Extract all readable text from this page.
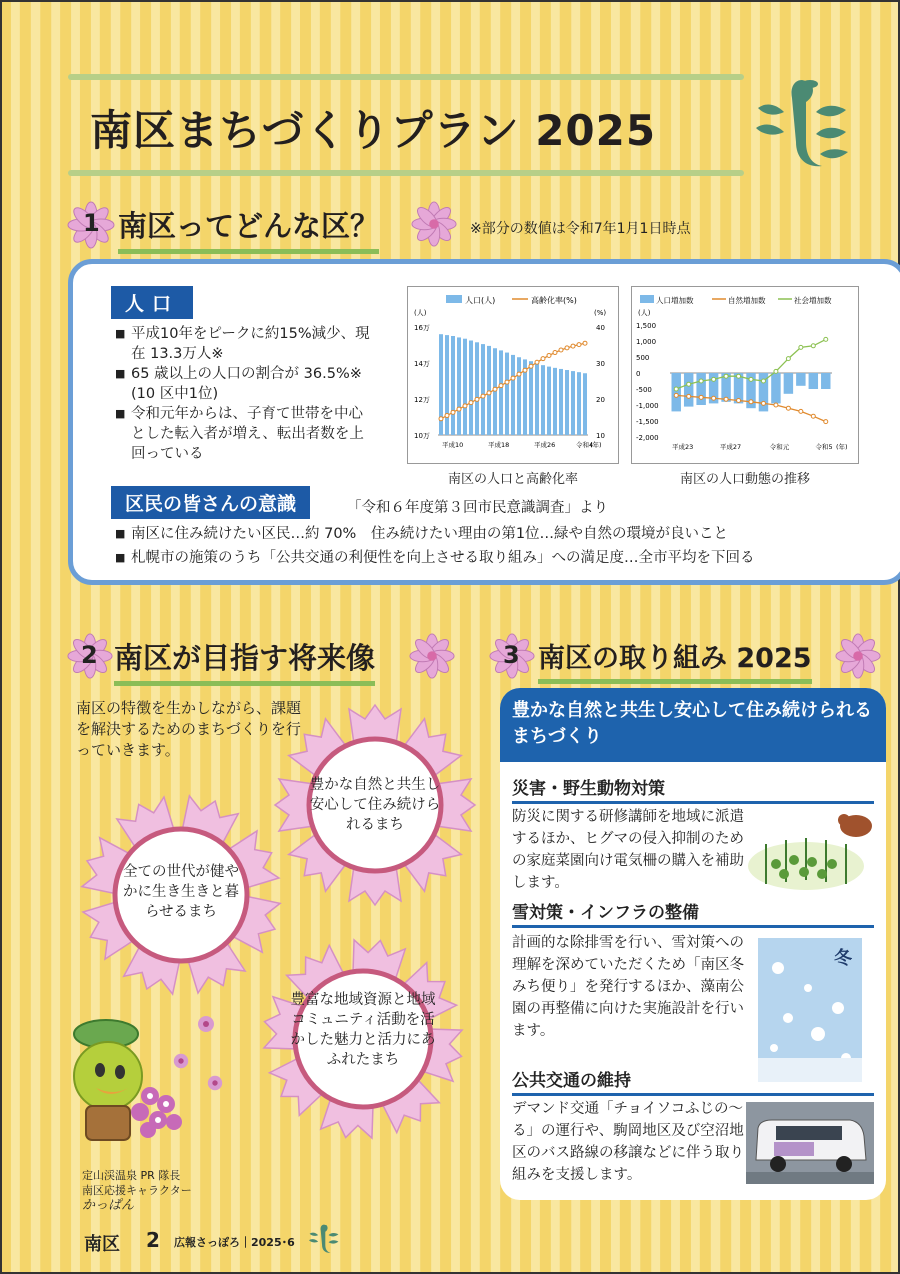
南区まちづくりプラン 2025
1 南区ってどんな区？	※部分の数値は令和7年1月1日時点
人口
■ 平成10年をピークに約15%減少、現在 13.3万人※
■ 65 歳以上の人口の割合が 36.5%※ (10 区中1位)
■ 令和元年からは、子育て世帯を中心とした転入者が増え、転出者数を上回っている
人口(人)	高齢化率(%)
(人)	(%)
16万
14万
12万
10万
40
30
20
10
平成10	平成18	平成26	令和4
(年)
南区の人口と高齢化率
人口増加数	自然増加数	社会増加数
(人)
1,500
1,000
500
0
-500
-1,000
-1,500
-2,000
平成23	平成27	令和元	令和5 (年)
南区の人口動態の推移
区民の皆さんの意識	「令和６年度第３回市民意識調査」より
■ 南区に住み続けたい区民…約 70%　住み続けたい理由の第1位…緑や自然の環境が良いこと
■ 札幌市の施策のうち「公共交通の利便性を向上させる取り組み」への満足度…全市平均を下回る
2 南区が目指す将来像
南区の特徴を生かしながら、課題を解決するためのまちづくりを行っていきます。
豊かな自然と共生し安心して住み続けられるまち
全ての世代が健やかに生き生きと暮らせるまち
豊富な地域資源と地域コミュニティ活動を活かした魅力と活力にあふれたまち
定山渓温泉 PR 隊長
南区応援キャラクター
かっぱん
3 南区の取り組み 2025
豊かな自然と共生し安心して住み続けられるまちづくり
災害・野生動物対策
防災に関する研修講師を地域に派遣するほか、ヒグマの侵入抑制のための家庭菜園向け電気柵の購入を補助します。
雪対策・インフラの整備
計画的な除排雪を行い、雪対策への理解を深めていただくため「南区冬みち便り」を発行するほか、藻南公園の再整備に向けた実施設計を行います。
冬
公共交通の維持
デマンド交通「チョイソコふじの〜る」の運行や、駒岡地区及び空沼地区のバス路線の移譲などに伴う取り組みを支援します。
南区 2 広報さっぽろ｜2025･6
